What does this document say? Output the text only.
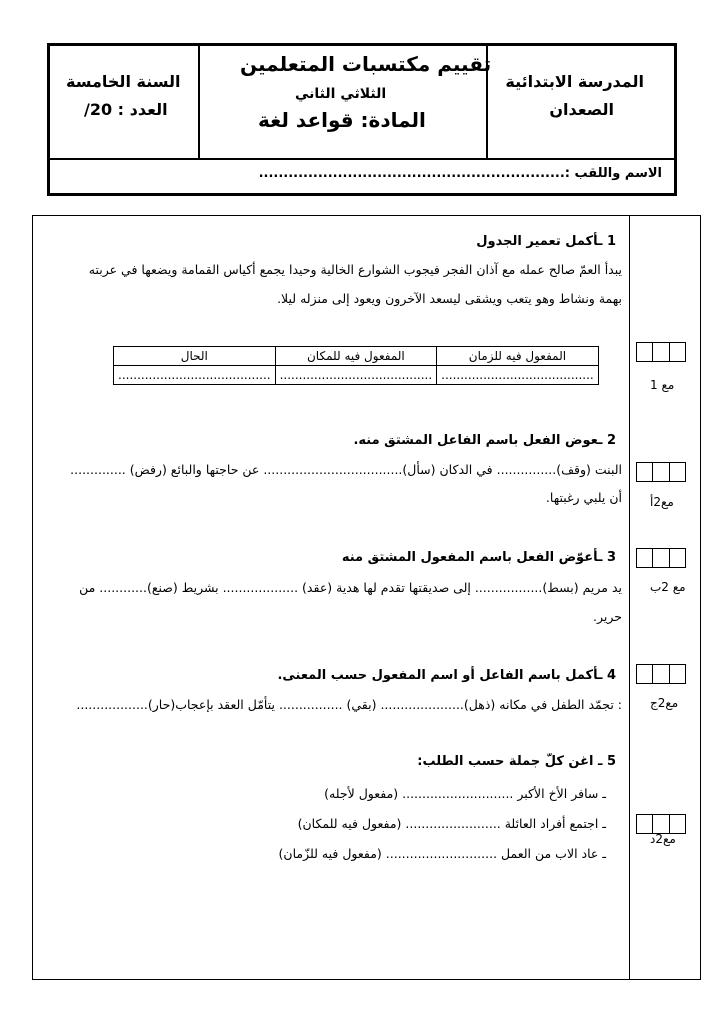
المدرسة الابتدائية
الصعدان
تقييم مكتسبات المتعلمين
الثلاثي الثاني
المادة: قواعد لغة
السنة الخامسة
العدد : 20/
الاسم واللقب :..............................................................
1 ـأكمل تعمير الجدول
يبدأ العمّ صالح عمله مع آذان الفجر فيجوب الشوارع الخالية وحيدا يجمع أكياس القمامة ويضعها في عربته
بهمة ونشاط وهو يتعب ويشقى ليسعد الآخرون ويعود إلى منزله ليلا.
الحال	المفعول فيه للمكان	المفعول فيه للزمان
........................................	........................................	........................................
مع 1
2 ـعوض الفعل باسم الفاعل المشتق منه.
البنت (وقف)............... في الدكان (سأل)................................... عن حاجتها والبائع (رفض) ..............
أن يلبي رغبتها. مع2أ
3 ـأعوّض الفعل باسم المفعول المشتق منه
يد مريم (بسط)................. إلى صديقتها تقدم لها هدية (عقد) ................... بشريط (صنع)............ من
حرير.
مع 2ب
4 ـأكمل باسم الفاعل أو اسم المفعول حسب المعنى.
: تجمّد الطفل في مكانه (ذهل)..................... (بقي) ................ يتأمّل العقد بإعجاب(حار).................. مع2ج
5 ـ اغن كلّ جملة حسب الطلب:
ـ سافر الأخ الأكبر ............................ (مفعول لأجله)
ـ اجتمع أفراد العائلة ........................ (مفعول فيه للمكان)
ـ عاد الاب من العمل ............................ (مفعول فيه للزّمان)
مع2د
